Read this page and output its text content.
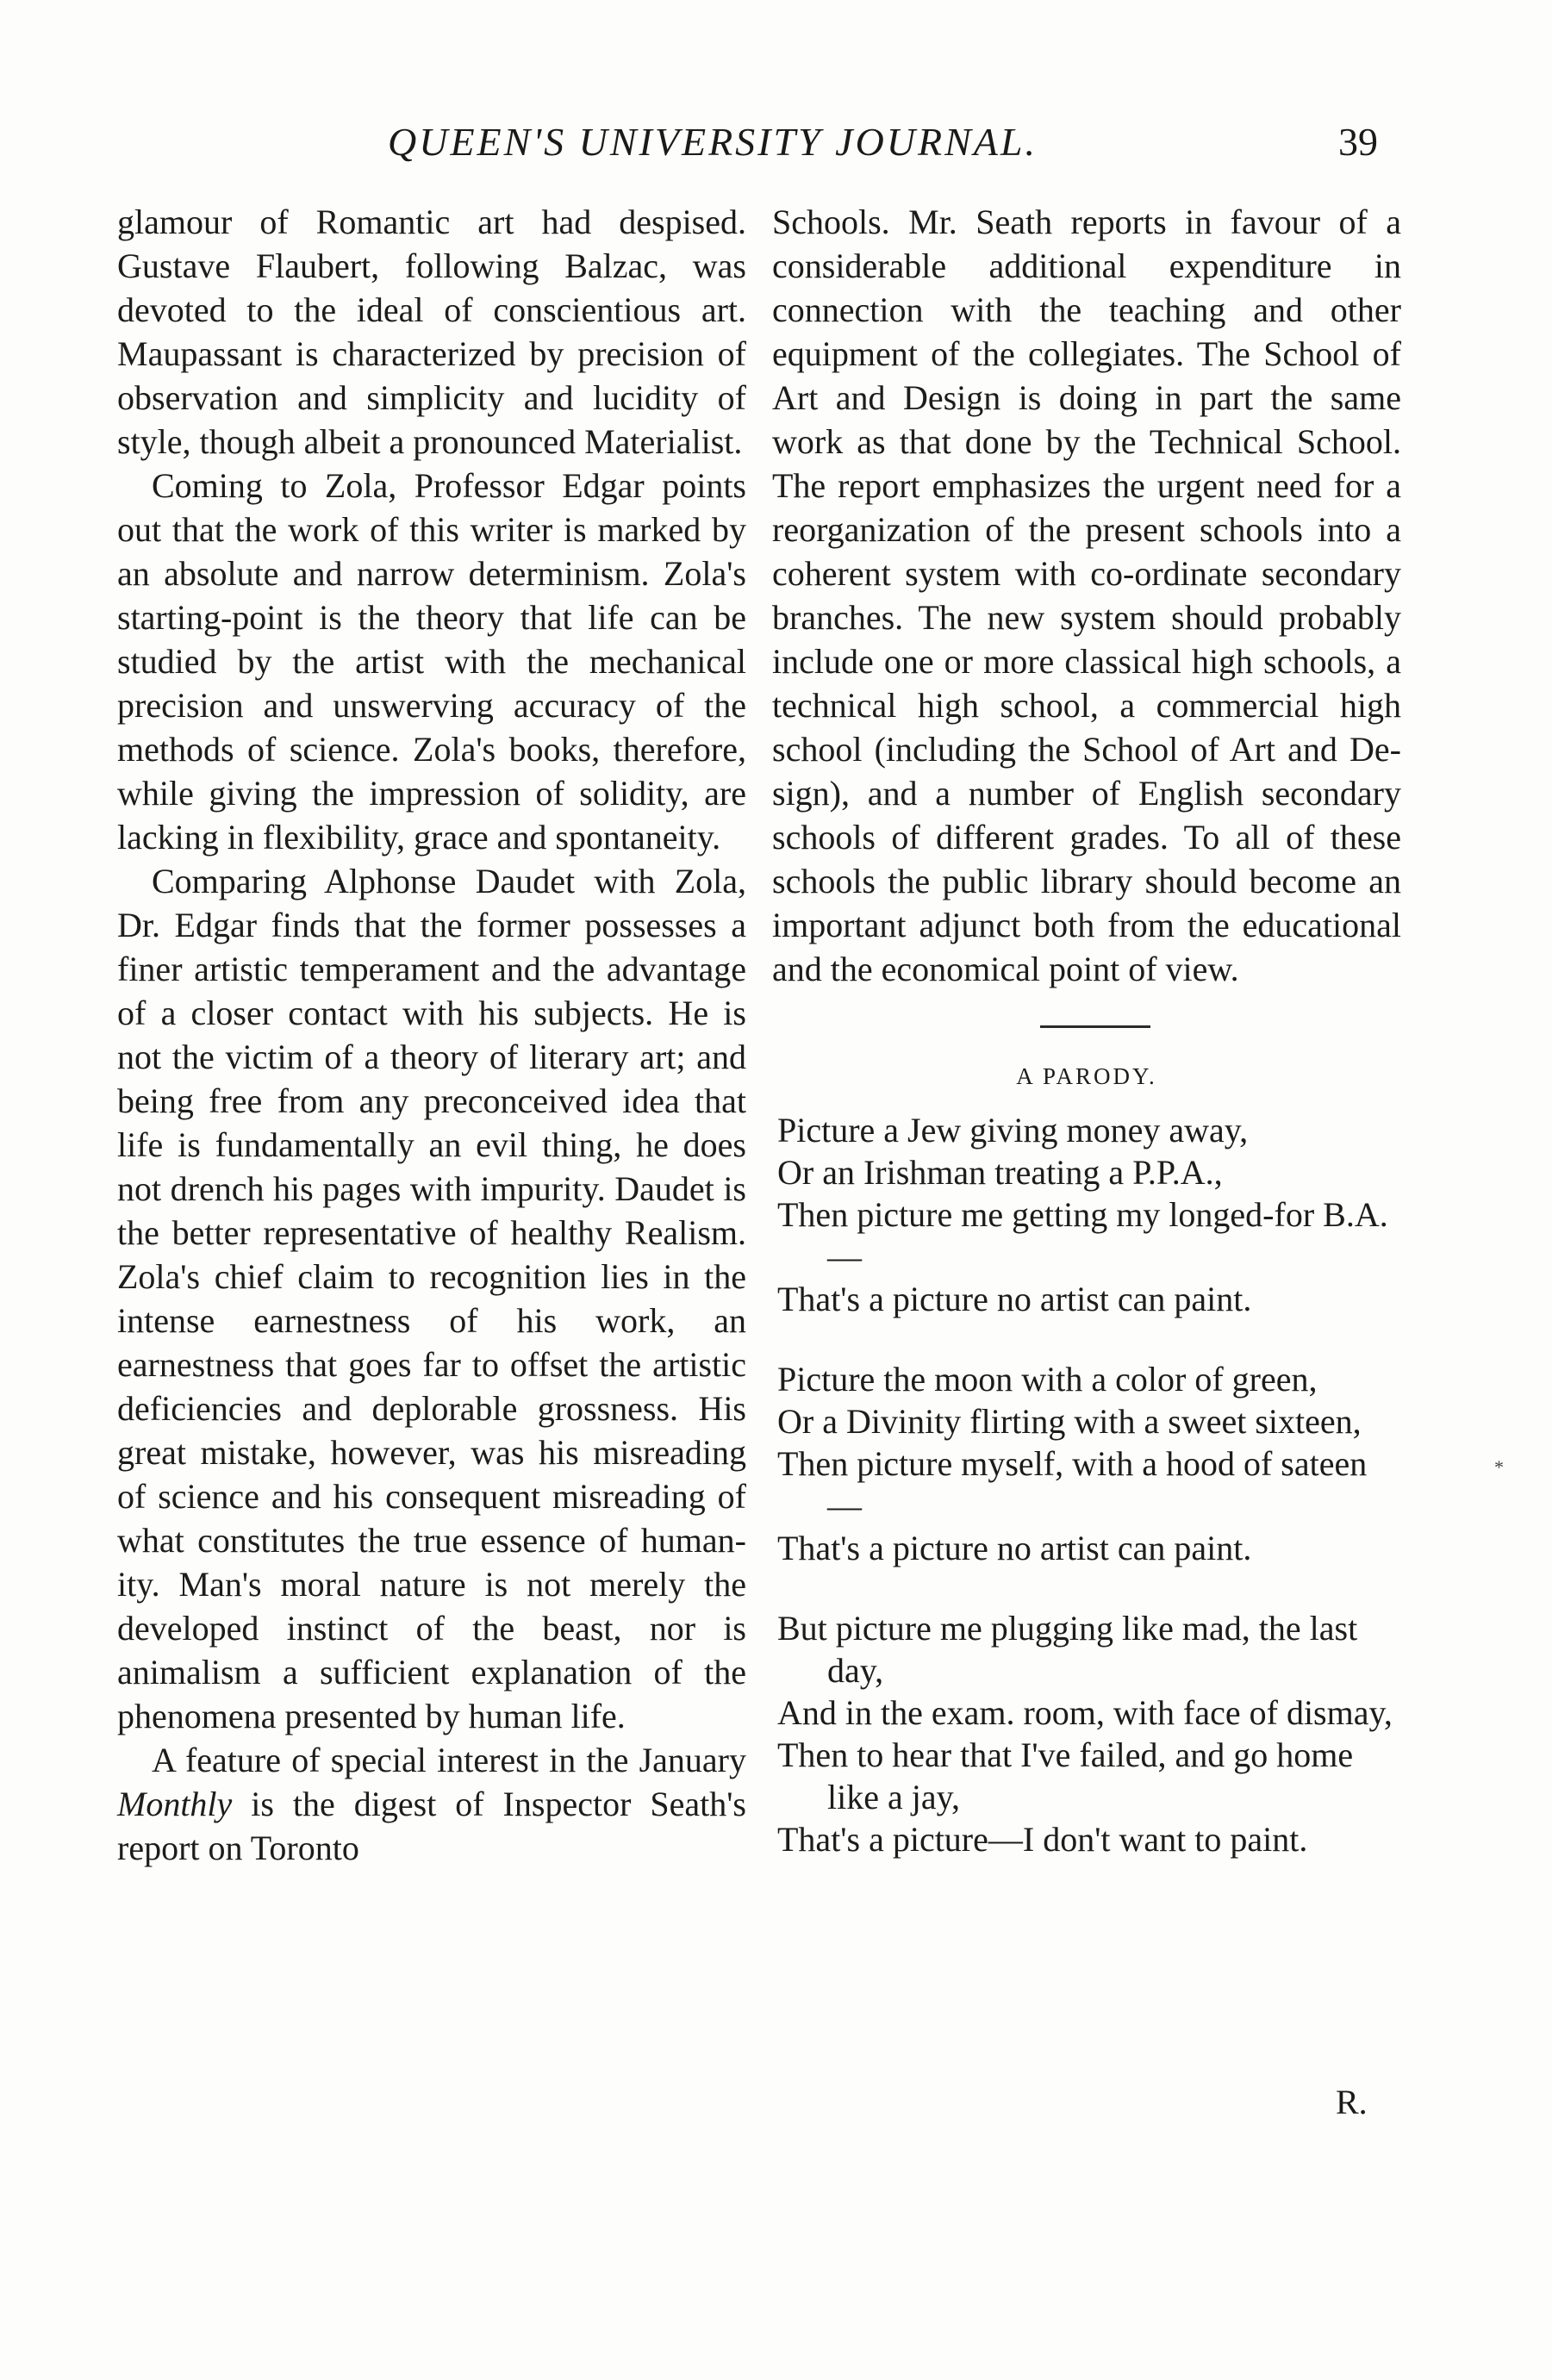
QUEEN'S UNIVERSITY JOURNAL.	39

glamour of Romantic art had despised. Gustave Flaubert, following Balzac, was devoted to the ideal of conscientious art. Maupassant is characterized by precision of observation and simplicity and lucidity of style, though albeit a pronounced Materialist.

Coming to Zola, Professor Edgar points out that the work of this writer is marked by an absolute and narrow determinism. Zola's starting-point is the theory that life can be studied by the artist with the mechanical precision and unswerving accuracy of the methods of science. Zola's books, therefore, while giving the impression of solidity, are lacking in flexibility, grace and spontaneity.

Comparing Alphonse Daudet with Zola, Dr. Edgar finds that the former possesses a finer artistic temperament and the advantage of a closer contact with his subjects. He is not the victim of a theory of literary art; and being free from any preconceived idea that life is fundamentally an evil thing, he does not drench his pages with impurity. Daudet is the better representative of healthy Realism. Zola's chief claim to recognition lies in the intense earnestness of his work, an earnestness that goes far to offset the artistic deficiencies and deplorable grossness. His great mistake, however, was his misreading of science and his consequent misreading of what constitutes the true essence of humanity. Man's moral nature is not merely the developed instinct of the beast, nor is animalism a sufficient explanation of the phenomena presented by human life.

A feature of special interest in the January Monthly is the digest of Inspector Seath's report on Toronto

Schools. Mr. Seath reports in favour of a considerable additional expenditure in connection with the teaching and other equipment of the collegiates. The School of Art and Design is doing in part the same work as that done by the Technical School. The report emphasizes the urgent need for a reorganization of the present schools into a coherent system with co-ordinate secondary branches. The new system should probably include one or more classical high schools, a technical high school, a commercial high school (including the School of Art and Design), and a number of English secondary schools of different grades. To all of these schools the public library should become an important adjunct both from the educational and the economical point of view.

A PARODY.
Picture a Jew giving money away,
Or an Irishman treating a P.P.A.,
Then picture me getting my longed-for B.A.—
That's a picture no artist can paint.
Picture the moon with a color of green,
Or a Divinity flirting with a sweet sixteen,
Then picture myself, with a hood of sateen—
That's a picture no artist can paint.
But picture me plugging like mad, the last day,
And in the exam. room, with face of dismay,
Then to hear that I've failed, and go home like a jay,
That's a picture—I don't want to paint.
R.
*
